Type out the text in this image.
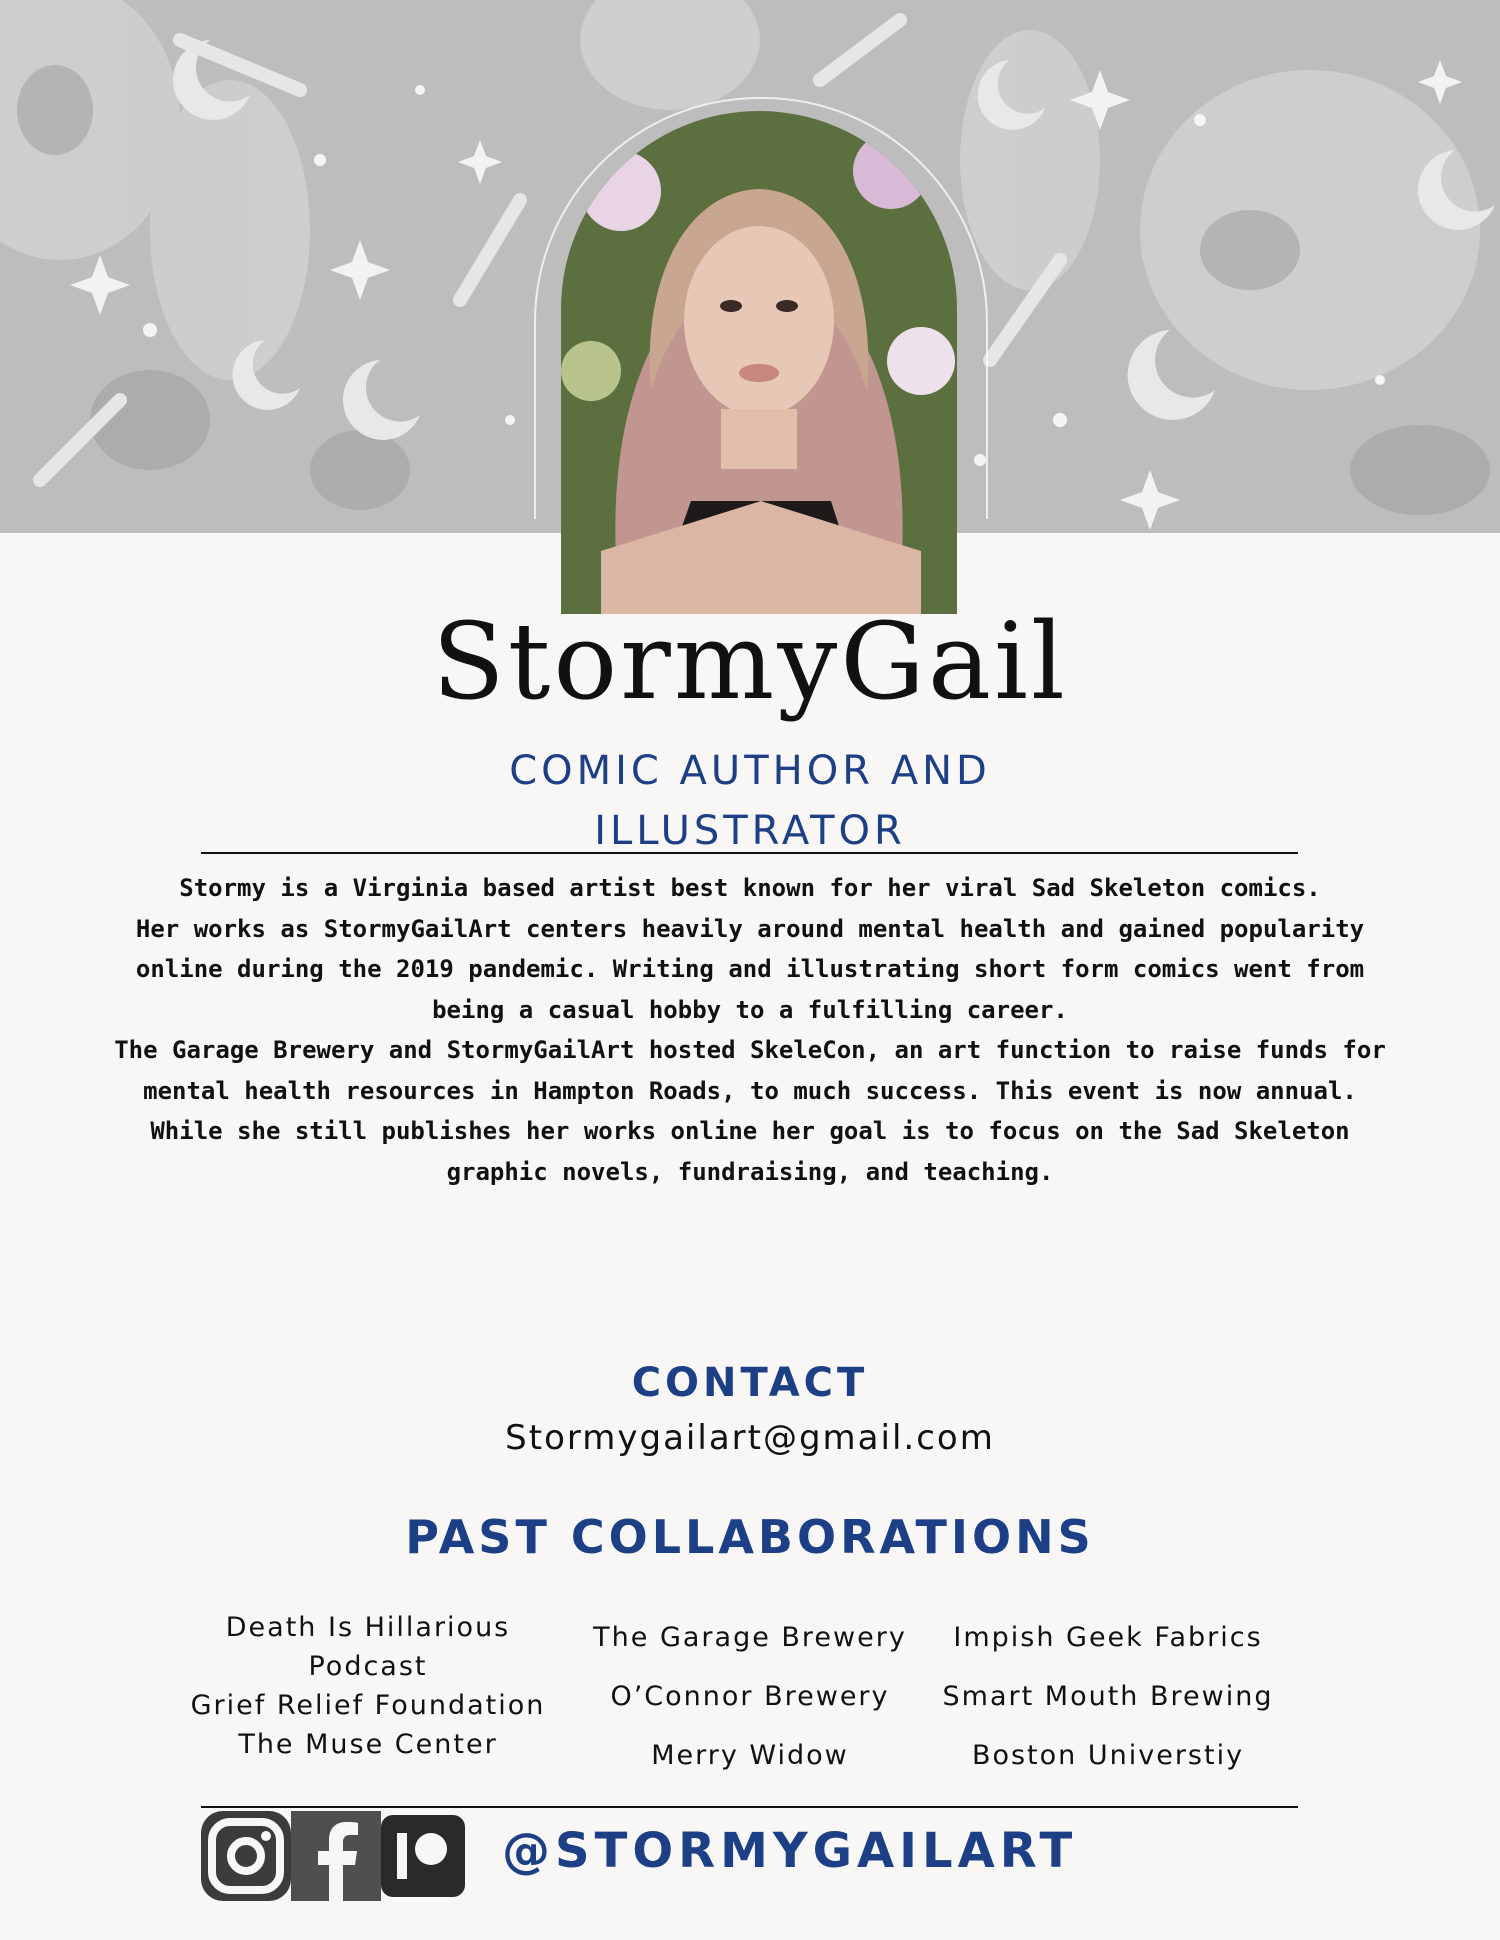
StormyGail
COMIC AUTHOR AND
ILLUSTRATOR

Stormy is a Virginia based artist best known for her viral Sad Skeleton comics.

Her works as StormyGailArt centers heavily around mental health and gained popularity online during the 2019 pandemic. Writing and illustrating short form comics went from being a casual hobby to a fulfilling career.

The Garage Brewery and StormyGailArt hosted SkeleCon, an art function to raise funds for mental health resources in Hampton Roads, to much success. This event is now annual.

While she still publishes her works online her goal is to focus on the Sad Skeleton graphic novels, fundraising, and teaching.

CONTACT
Stormygailart@gmail.com
PAST COLLABORATIONS
Death Is Hillarious Podcast
Grief Relief Foundation
The Muse Center
The Garage Brewery
O’Connor Brewery
Merry Widow
Impish Geek Fabrics
Smart Mouth Brewing
Boston Universtiy
@STORMYGAILART
